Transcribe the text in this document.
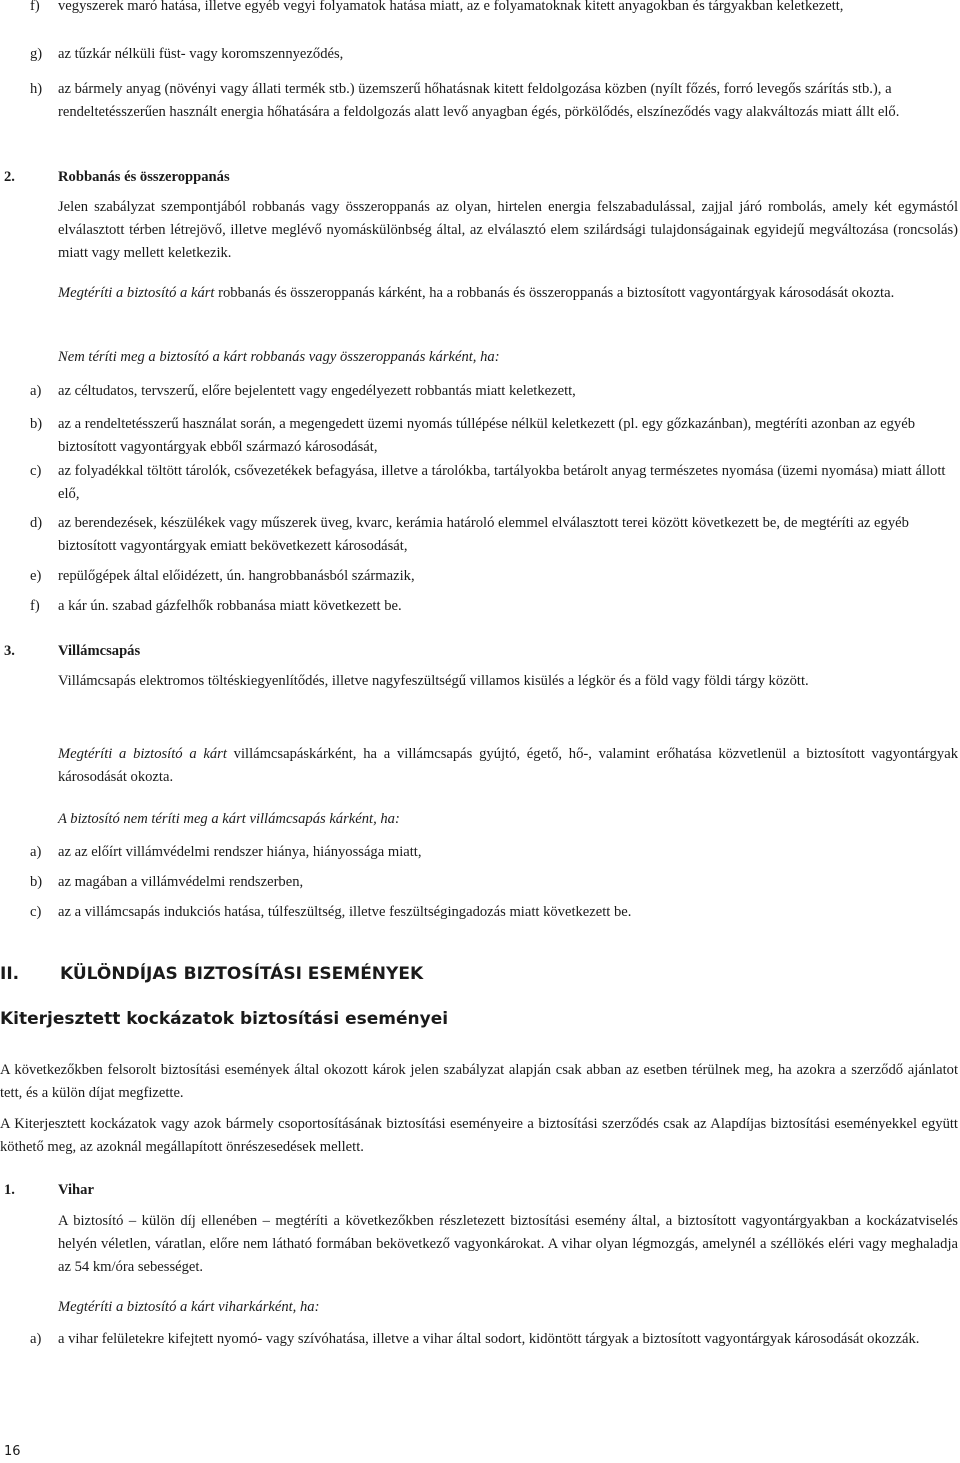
f) vegyszerek maró hatása, illetve egyéb vegyi folyamatok hatása miatt, az e folyamatoknak kitett anyagokban és tárgyakban keletkezett,
g) az tűzkár nélküli füst- vagy koromszennyeződés,
h) az bármely anyag (növényi vagy állati termék stb.) üzemszerű hőhatásnak kitett feldolgozása közben (nyílt főzés, forró levegős szárítás stb.), a rendeltetésszerűen használt energia hőhatására a feldolgozás alatt levő anyagban égés, pörkölődés, elszíneződés vagy alakváltozás miatt állt elő.
2.	Robbanás és összeroppanás
Jelen szabályzat szempontjából robbanás vagy összeroppanás az olyan, hirtelen energia felszabadulással, zajjal járó rombolás, amely két egymástól elválasztott térben létrejövő, illetve meglévő nyomáskülönbség által, az elválasztó elem szilárdsági tulajdonságainak egyidejű megváltozása (roncsolás) miatt vagy mellett keletkezik.
Megtéríti a biztosító a kárt robbanás és összeroppanás kárként, ha a robbanás és összeroppanás a biztosított vagyontárgyak károsodását okozta.
Nem téríti meg a biztosító a kárt robbanás vagy összeroppanás kárként, ha:
a) az céltudatos, tervszerű, előre bejelentett vagy engedélyezett robbantás miatt keletkezett,
b) az a rendeltetésszerű használat során, a megengedett üzemi nyomás túllépése nélkül keletkezett (pl. egy gőzkazánban), megtéríti azonban az egyéb biztosított vagyontárgyak ebből származó károsodását,
c) az folyadékkal töltött tárolók, csővezetékek befagyása, illetve a tárolókba, tartályokba betárolt anyag természetes nyomása (üzemi nyomása) miatt állott elő,
d) az berendezések, készülékek vagy műszerek üveg, kvarc, kerámia határoló elemmel elválasztott terei között következett be, de megtéríti az egyéb biztosított vagyontárgyak emiatt bekövetkezett károsodását,
e) repülőgépek által előidézett, ún. hangrobbanásból származik,
f) a kár ún. szabad gázfelhők robbanása miatt következett be.
3.	Villámcsapás
Villámcsapás elektromos töltéskiegyenlítődés, illetve nagyfeszültségű villamos kisülés a légkör és a föld vagy földi tárgy között.
Megtéríti a biztosító a kárt villámcsapáskárként, ha a villámcsapás gyújtó, égető, hő-, valamint erőhatása közvetlenül a biztosított vagyontárgyak károsodását okozta.
A biztosító nem téríti meg a kárt villámcsapás kárként, ha:
a) az az előírt villámvédelmi rendszer hiánya, hiányossága miatt,
b) az magában a villámvédelmi rendszerben,
c) az a villámcsapás indukciós hatása, túlfeszültség, illetve feszültségingadozás miatt következett be.
II. KÜLÖNDÍJAS BIZTOSÍTÁSI ESEMÉNYEK
Kiterjesztett kockázatok biztosítási eseményei
A következőkben felsorolt biztosítási események által okozott károk jelen szabályzat alapján csak abban az esetben térülnek meg, ha azokra a szerződő ajánlatot tett, és a külön díjat megfizette.
A Kiterjesztett kockázatok vagy azok bármely csoportosításának biztosítási eseményeire a biztosítási szerződés csak az Alapdíjas biztosítási eseményekkel együtt köthető meg, az azoknál megállapított önrészesedések mellett.
1.	Vihar
A biztosító – külön díj ellenében – megtéríti a következőkben részletezett biztosítási esemény által, a biztosított vagyontárgyakban a kockázatviselés helyén véletlen, váratlan, előre nem látható formában bekövetkező vagyonkárokat. A vihar olyan légmozgás, amelynél a széllökés eléri vagy meghaladja az 54 km/óra sebességet.
Megtéríti a biztosító a kárt viharkárként, ha:
a) a vihar felületekre kifejtett nyomó- vagy szívóhatása, illetve a vihar által sodort, kidöntött tárgyak a biztosított vagyontárgyak károsodását okozzák.
16
